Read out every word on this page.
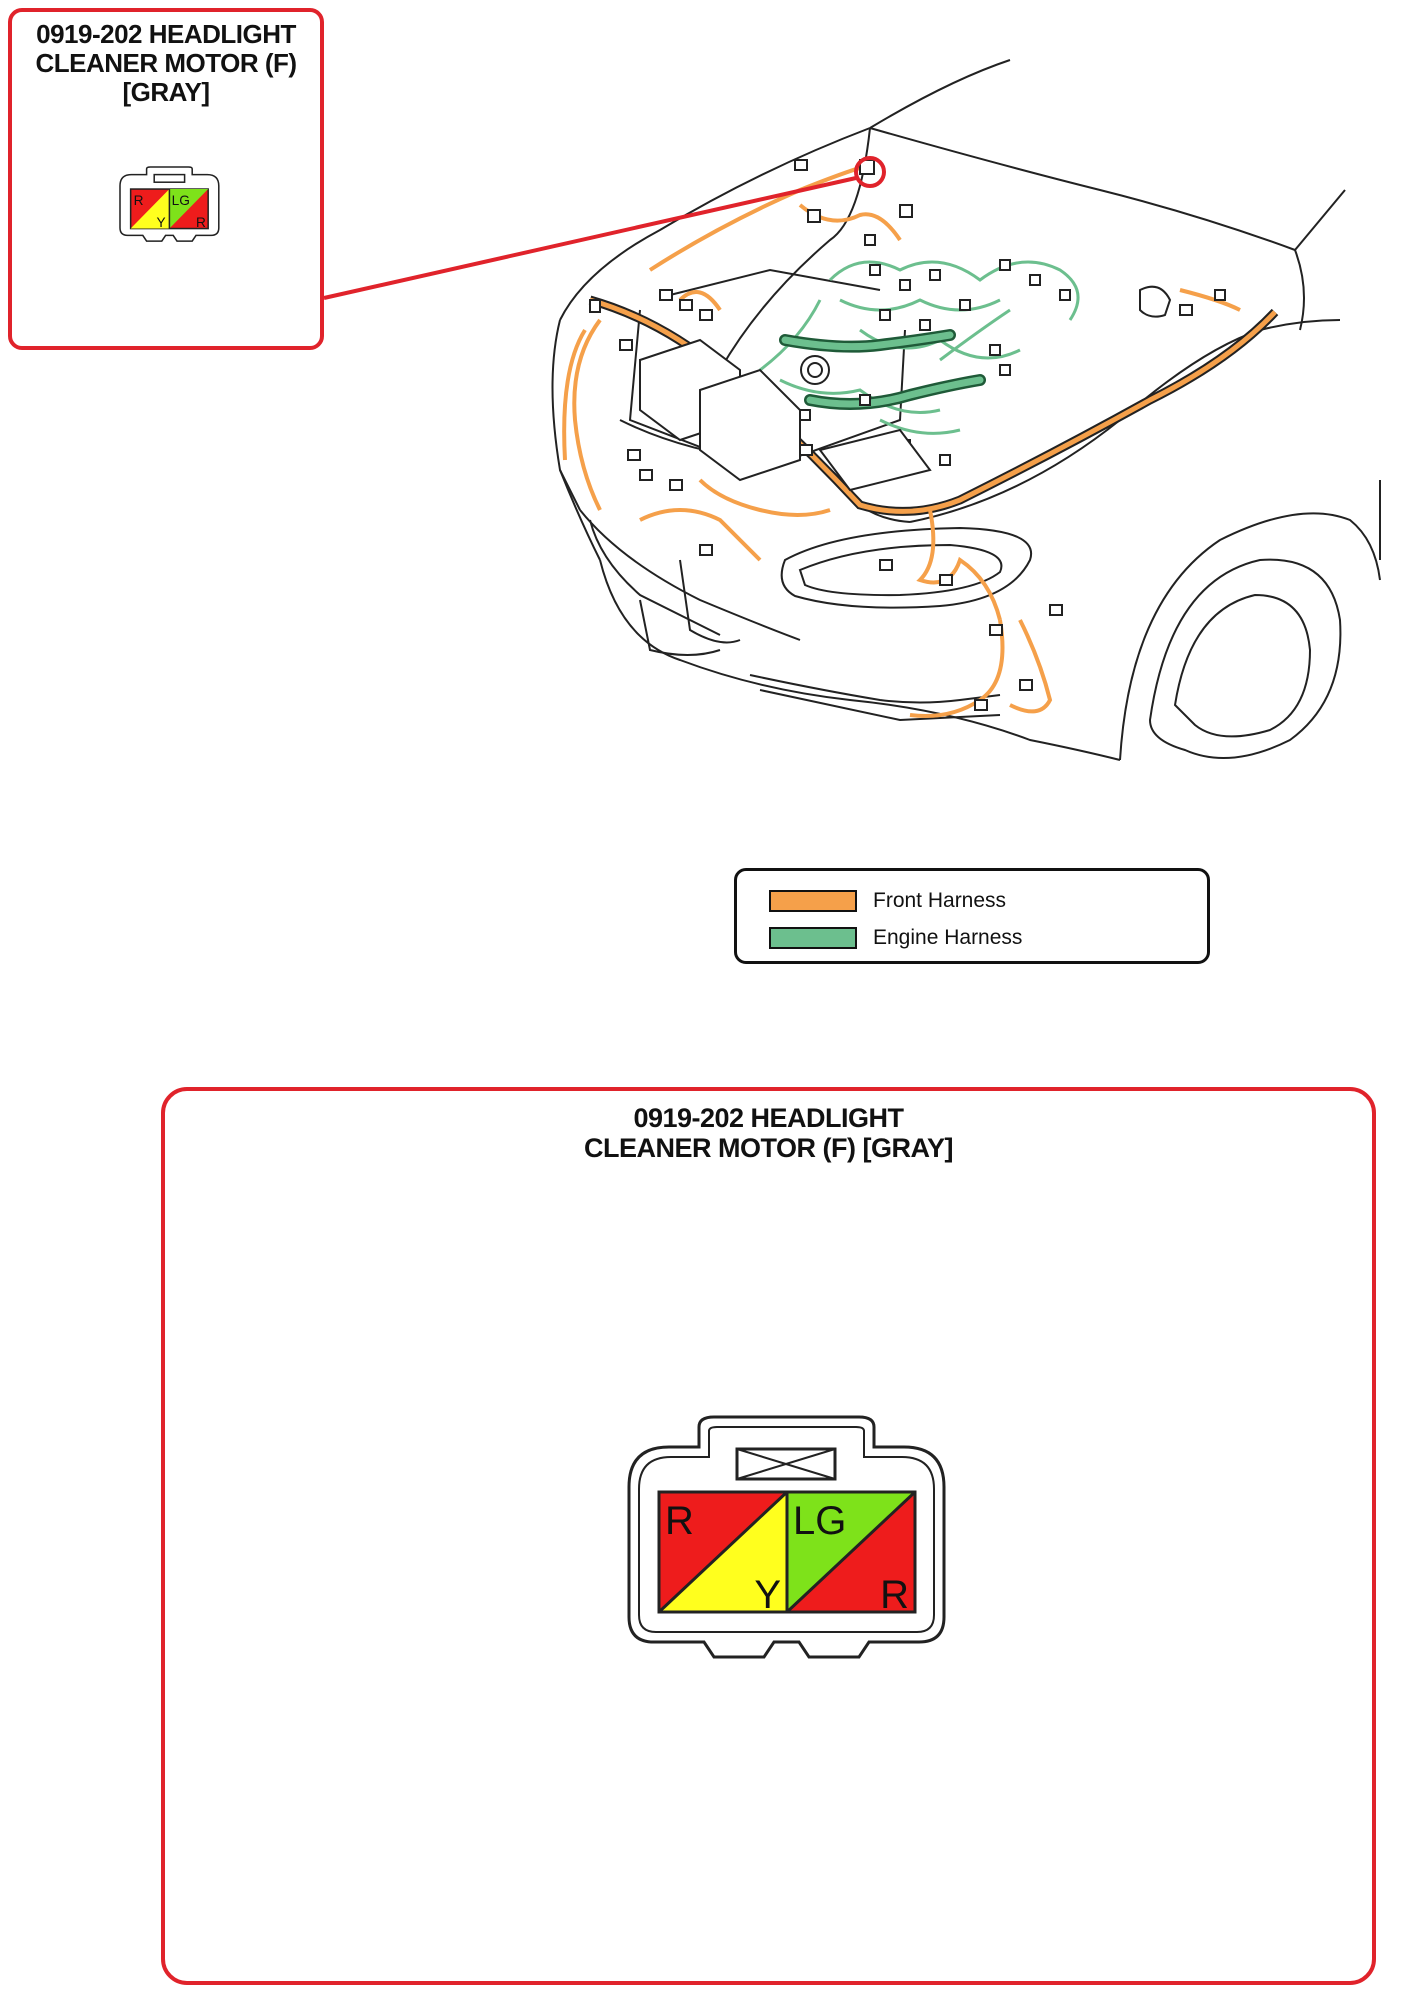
0919-202 HEADLIGHT
CLEANER MOTOR (F)
[GRAY]
R
Y
LG
R
Front Harness
Engine Harness
0919-202 HEADLIGHT
CLEANER MOTOR (F) [GRAY]
R
Y
LG
R
